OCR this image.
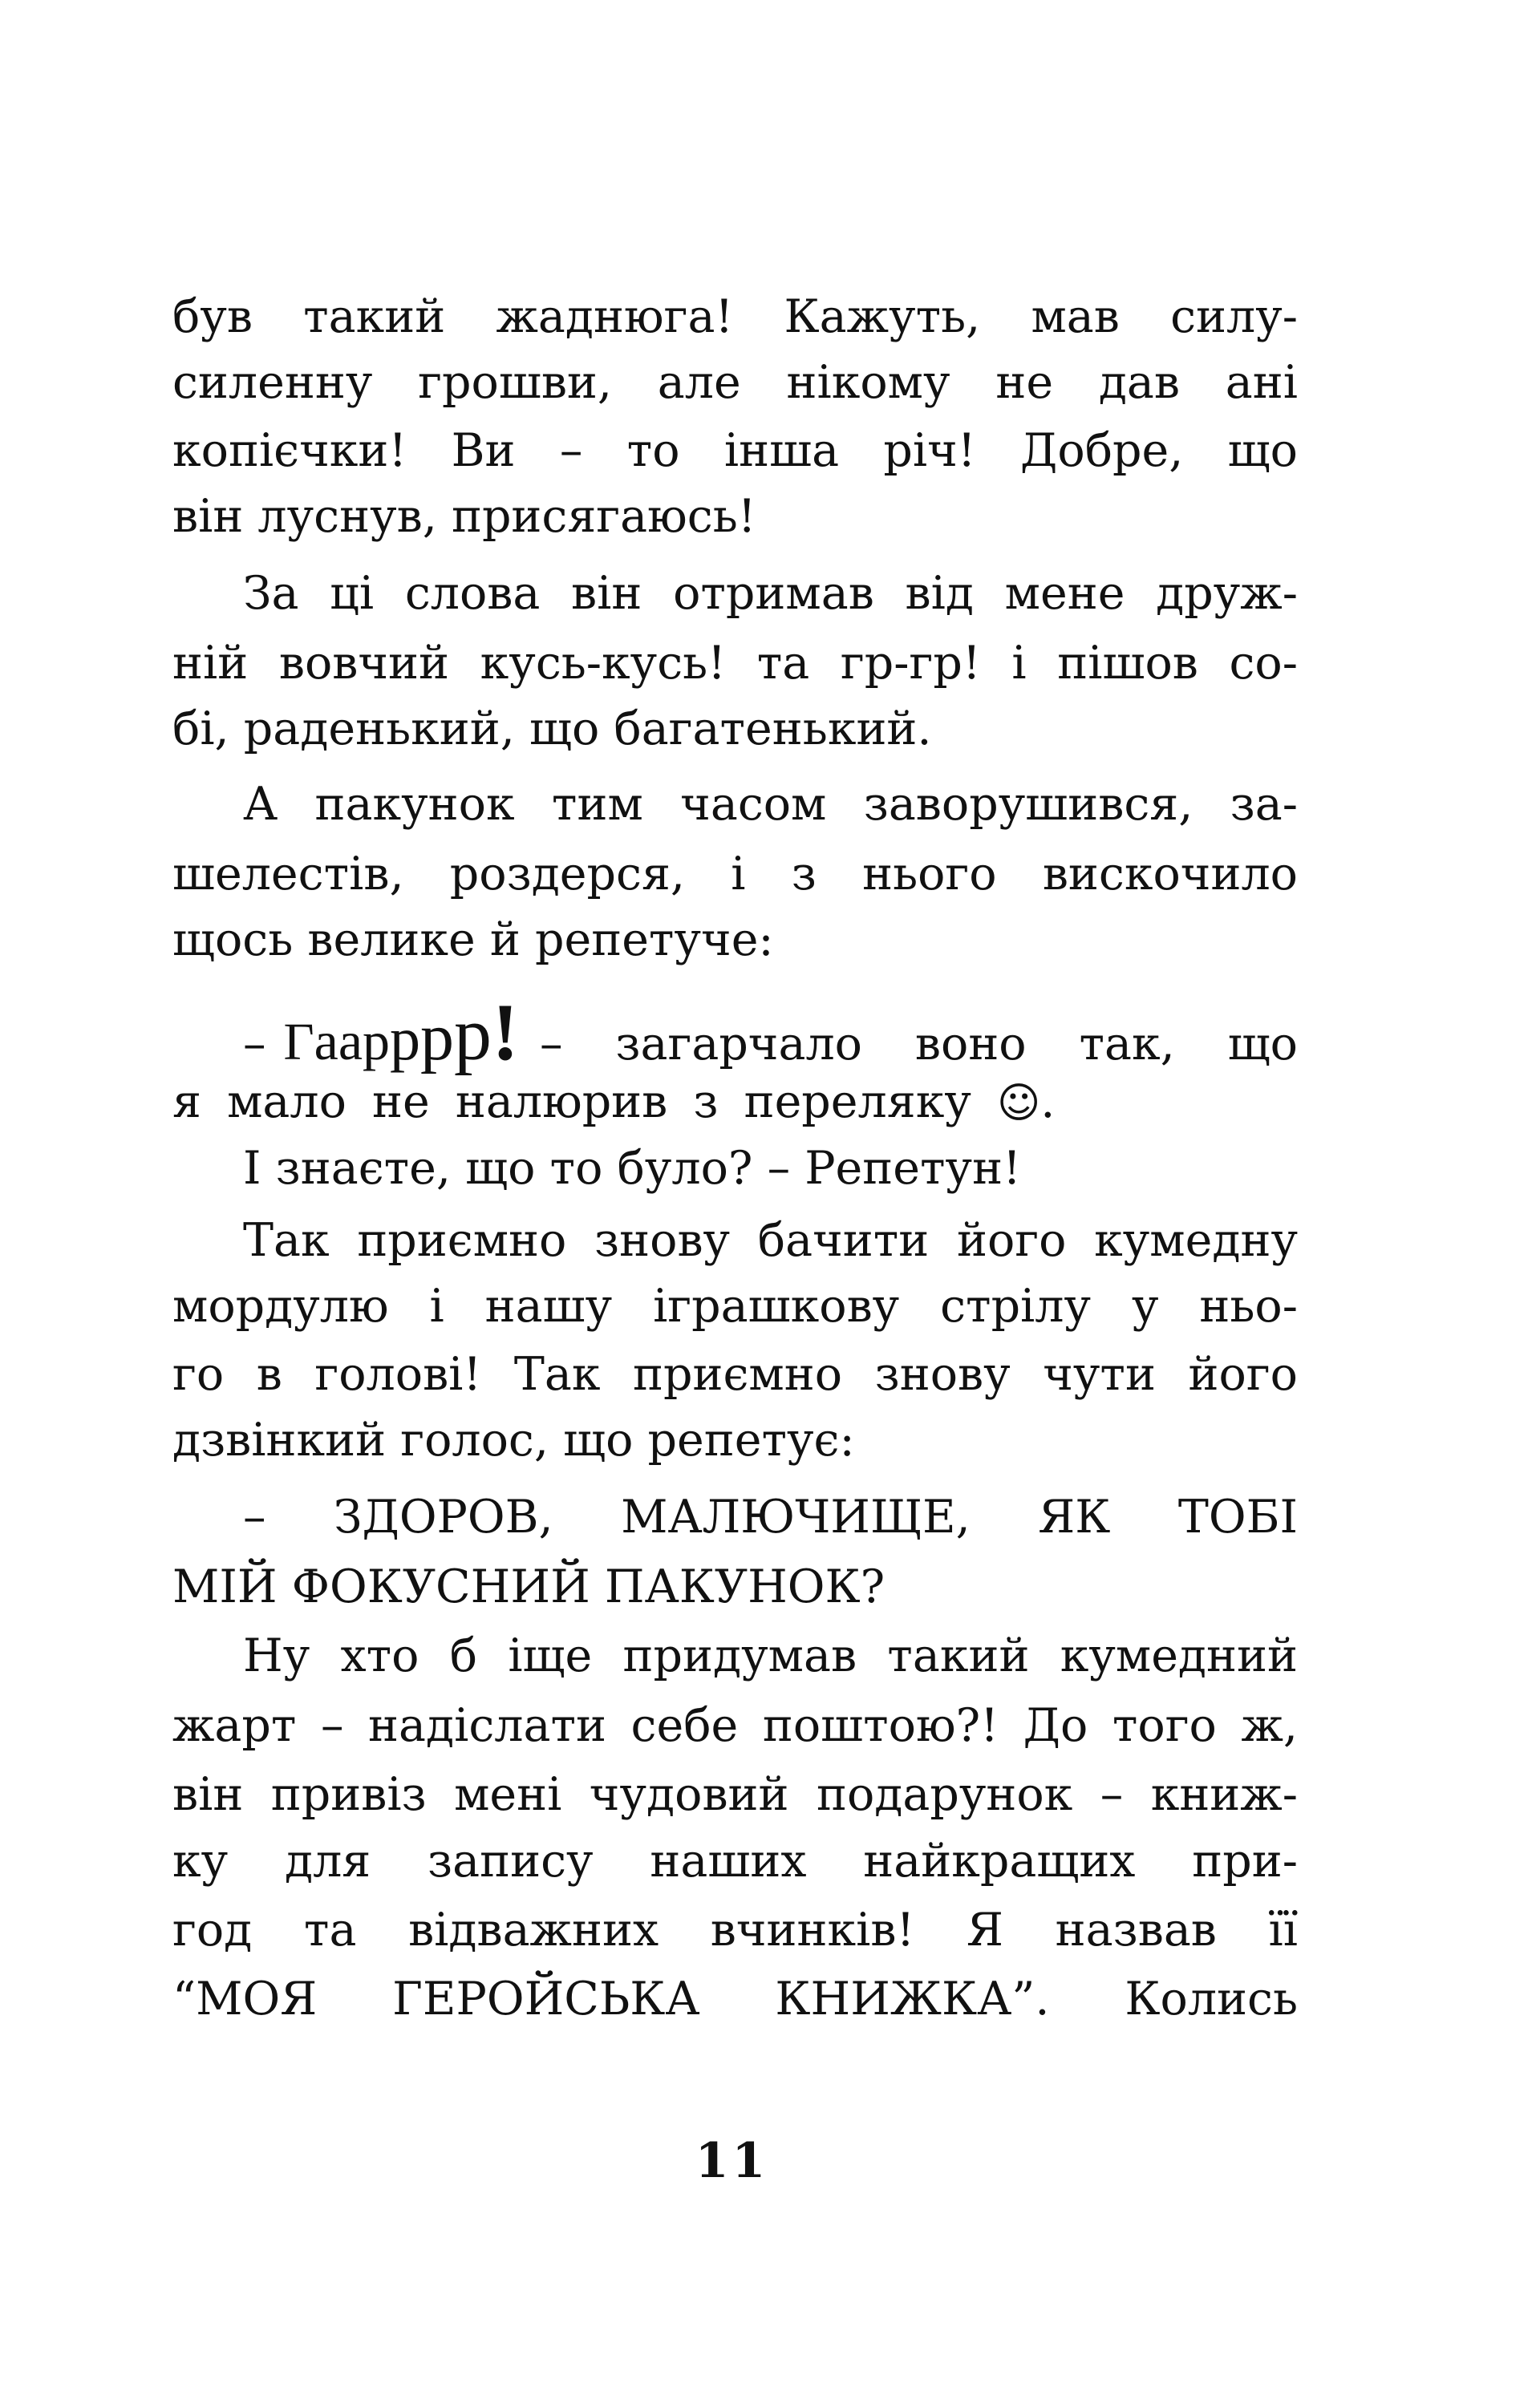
був такий жаднюга! Кажуть, мав силу-
силенну грошви, але нікому не дав ані
копієчки! Ви – то інша річ! Добре, що
він луснув, присягаюсь!
За ці слова він отримав від мене друж-
ній вовчий кусь-кусь! та гр-гр! і пішов со-
бі, раденький, що багатенький.
А пакунок тим часом заворушився, за-
шелестів, роздерся, і з нього вискочило
щось велике й репетуче:
– Г аа р р р р ! – загарчало воно так, що
я мало не налюрив з переляку ☺.
І знаєте, що то було? – Репетун!
Так приємно знову бачити його кумедну
мордулю і нашу іграшкову стрілу у ньо-
го в голові! Так приємно знову чути його
дзвінкий голос, що репетує:
– ЗДОРОВ, МАЛЮЧИЩЕ, ЯК ТОБІ
МІЙ ФОКУСНИЙ ПАКУНОК?
Ну хто б іще придумав такий кумедний
жарт – надіслати себе поштою?! До того ж,
він привіз мені чудовий подарунок – книж-
ку для запису наших найкращих при-
год та відважних вчинків! Я назвав її
“МОЯ ГЕРОЙСЬКА КНИЖКА”. Колись
11
